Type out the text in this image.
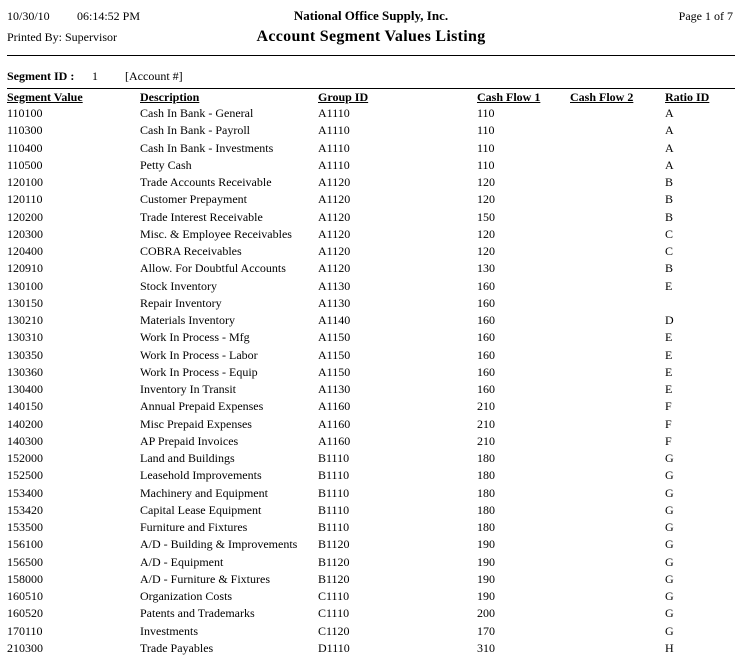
10/30/10 06:14:52 PM	National Office Supply, Inc.	Page 1 of 7
Printed By: Supervisor	Account Segment Values Listing
Segment ID : 1 [Account #]
Segment Value	Description	Group ID	Cash Flow 1	Cash Flow 2	Ratio ID
110100	Cash In Bank - General	A1110	110		A
110300	Cash In Bank - Payroll	A1110	110		A
110400	Cash In Bank - Investments	A1110	110		A
110500	Petty Cash	A1110	110		A
120100	Trade Accounts Receivable	A1120	120		B
120110	Customer Prepayment	A1120	120		B
120200	Trade Interest Receivable	A1120	150		B
120300	Misc. & Employee Receivables	A1120	120		C
120400	COBRA Receivables	A1120	120		C
120910	Allow. For Doubtful Accounts	A1120	130		B
130100	Stock Inventory	A1130	160		E
130150	Repair Inventory	A1130	160		
130210	Materials Inventory	A1140	160		D
130310	Work In Process - Mfg	A1150	160		E
130350	Work In Process - Labor	A1150	160		E
130360	Work In Process - Equip	A1150	160		E
130400	Inventory In Transit	A1130	160		E
140150	Annual Prepaid Expenses	A1160	210		F
140200	Misc Prepaid Expenses	A1160	210		F
140300	AP Prepaid Invoices	A1160	210		F
152000	Land and Buildings	B1110	180		G
152500	Leasehold Improvements	B1110	180		G
153400	Machinery and Equipment	B1110	180		G
153420	Capital Lease Equipment	B1110	180		G
153500	Furniture and Fixtures	B1110	180		G
156100	A/D - Building & Improvements	B1120	190		G
156500	A/D - Equipment	B1120	190		G
158000	A/D - Furniture & Fixtures	B1120	190		G
160510	Organization Costs	C1110	190		G
160520	Patents and Trademarks	C1110	200		G
170110	Investments	C1120	170		G
210300	Trade Payables	D1110	310		H
